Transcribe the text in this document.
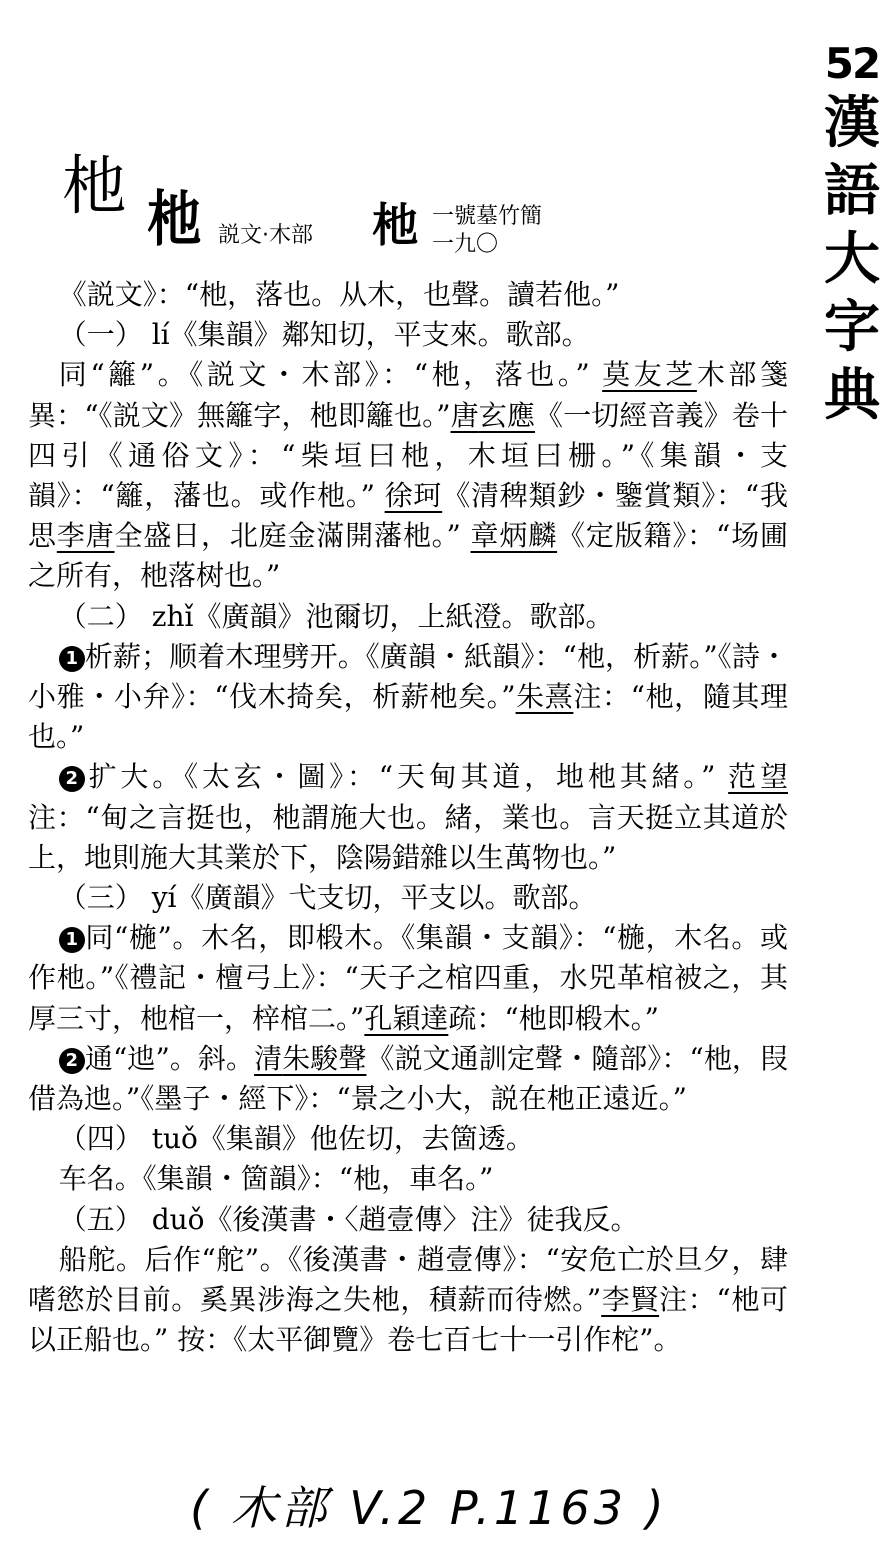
52
漢
語
大
字
典
杝 杝 説文·木部 杝 一號墓竹簡
一九〇

《説文》：“杝，落也。从木，也聲。讀若他。”

（一） lí《集韻》鄰知切，平支來。歌部。

同“籬”。《説文・木部》：“杝，落也。” 莫友芝木部箋異：“《説文》無籬字，杝即籬也。”唐玄應《一切經音義》卷十四引《通俗文》：“柴垣曰杝，木垣曰栅。”《集韻・支韻》：“籬，藩也。或作杝。” 徐珂《清稗類鈔・鑒賞類》：“我思李唐全盛日，北庭金滿開藩杝。” 章炳麟《定版籍》：“场圃之所有，杝落树也。”

（二） zhǐ《廣韻》池爾切，上紙澄。歌部。

1 析薪；顺着木理劈开。《廣韻・紙韻》：“杝，析薪。”《詩・小雅・小弁》：“伐木掎矣，析薪杝矣。”朱熹注：“杝，隨其理也。”

2 扩大。《太玄・圖》：“天甸其道，地杝其緒。” 范望注：“甸之言挺也，杝謂施大也。緒，業也。言天挺立其道於上，地則施大其業於下，陰陽錯雜以生萬物也。”

（三） yí《廣韻》弋支切，平支以。歌部。

1 同“椸”。木名，即椴木。《集韻・支韻》：“椸，木名。或作杝。”《禮記・檀弓上》：“天子之棺四重，水兕革棺被之，其厚三寸，杝棺一，梓棺二。”孔穎達疏：“杝即椴木。”

2 通“迆”。斜。清朱駿聲《説文通訓定聲・隨部》：“杝，叚借為迆。”《墨子・經下》：“景之小大，説在杝正遠近。”

（四） tuǒ《集韻》他佐切，去箇透。

车名。《集韻・箇韻》：“杝，車名。”

（五） duǒ《後漢書・〈趙壹傳〉注》徒我反。

船舵。后作“舵”。《後漢書・趙壹傳》：“安危亡於旦夕，肆嗜慾於目前。奚異涉海之失杝，積薪而待燃。”李賢注：“杝可以正船也。” 按：《太平御覽》卷七百七十一引作柁”。

( 木部 V.2 P.1163 )
